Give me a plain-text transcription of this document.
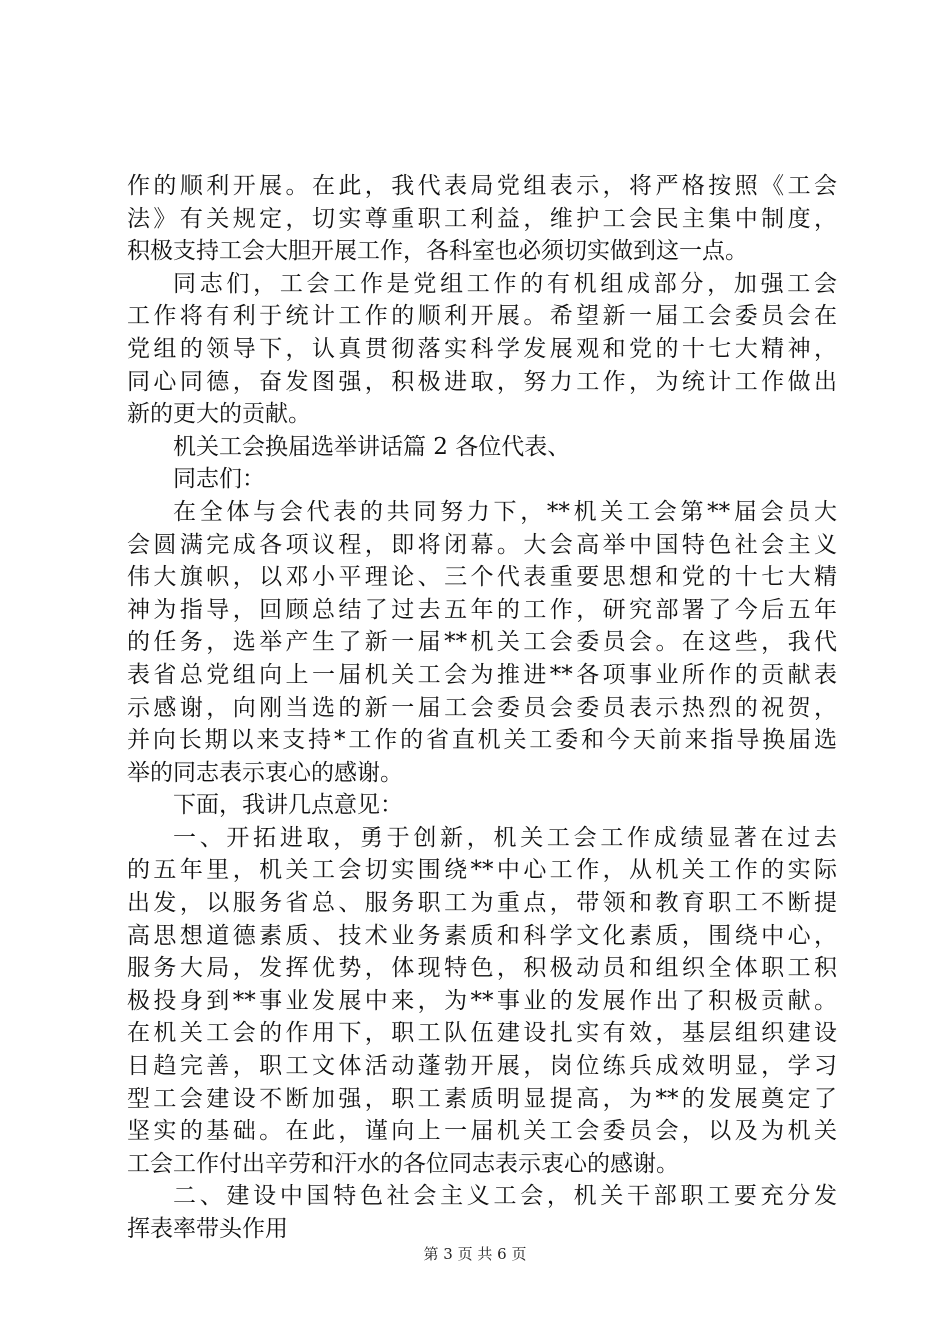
作的顺利开展。在此，我代表局党组表示，将严格按照《工会
法》有关规定，切实尊重职工利益，维护工会民主集中制度，
积极支持工会大胆开展工作，各科室也必须切实做到这一点。
同志们，工会工作是党组工作的有机组成部分，加强工会
工作将有利于统计工作的顺利开展。希望新一届工会委员会在
党组的领导下，认真贯彻落实科学发展观和党的十七大精神，
同心同德，奋发图强，积极进取，努力工作，为统计工作做出
新的更大的贡献。
机关工会换届选举讲话篇 2 各位代表、
同志们：
在全体与会代表的共同努力下，**机关工会第**届会员大
会圆满完成各项议程，即将闭幕。大会高举中国特色社会主义
伟大旗帜，以邓小平理论、三个代表重要思想和党的十七大精
神为指导，回顾总结了过去五年的工作，研究部署了今后五年
的任务，选举产生了新一届**机关工会委员会。在这些，我代
表省总党组向上一届机关工会为推进**各项事业所作的贡献表
示感谢，向刚当选的新一届工会委员会委员表示热烈的祝贺，
并向长期以来支持*工作的省直机关工委和今天前来指导换届选
举的同志表示衷心的感谢。
下面，我讲几点意见：
一、开拓进取，勇于创新，机关工会工作成绩显著在过去
的五年里，机关工会切实围绕**中心工作，从机关工作的实际
出发，以服务省总、服务职工为重点，带领和教育职工不断提
高思想道德素质、技术业务素质和科学文化素质，围绕中心，
服务大局，发挥优势，体现特色，积极动员和组织全体职工积
极投身到**事业发展中来，为**事业的发展作出了积极贡献。
在机关工会的作用下，职工队伍建设扎实有效，基层组织建设
日趋完善，职工文体活动蓬勃开展，岗位练兵成效明显，学习
型工会建设不断加强，职工素质明显提高，为**的发展奠定了
坚实的基础。在此，谨向上一届机关工会委员会，以及为机关
工会工作付出辛劳和汗水的各位同志表示衷心的感谢。
二、建设中国特色社会主义工会，机关干部职工要充分发
挥表率带头作用
第 3 页 共 6 页
